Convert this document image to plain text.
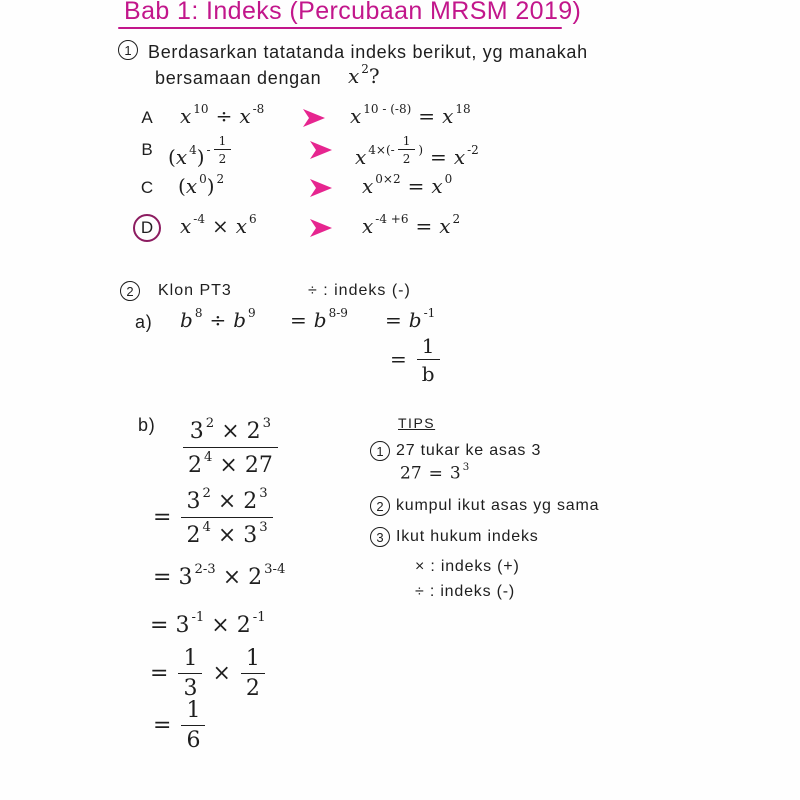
Bab 1: Indeks (Percubaan MRSM 2019)
1 Berdasarkan tatatanda indeks berikut, yg manakah
bersamaan dengan x $^2$?
A x $^{10}$ ÷ x $^{-8}$	x $^{10 - (-8)}$ = x $^{18}$
B (x $^4$) $^{- \frac{1}{2}}$	x $^{4\times(- \frac{1}{2} )}$ = x $^{-2}$
C (x $^0$) $^2$	x $^{0\times 2}$ = x $^0$
D x $^{-4}$ × x $^6$	x $^{-4 +6}$ = x $^2$
2	Klon PT3	÷ : indeks (-)
a) b $^8$ ÷ b $^9$	= b $^{8-9}$	= b $^{-1}$
= $\frac{1}{b}$
$b) \frac{3 ^2 \times 2 ^3}{2 ^4 \times 27}$
= $\frac{3 ^2 \times 2 ^3}{2 ^4 \times 3 ^3}$
= 3 $^{2-3}$ × 2 $^{3-4}$
= 3 $^{-1}$ × 2 $^{-1}$
= $\frac{1}{3} \times \frac{1}{2}$
= $\frac{1}{6}$
TIPS
1 27 tukar ke asas 3
27 = 3 $^3$
2 kumpul ikut asas yg sama
3 Ikut hukum indeks
× : indeks (+)
÷ : indeks (-)
